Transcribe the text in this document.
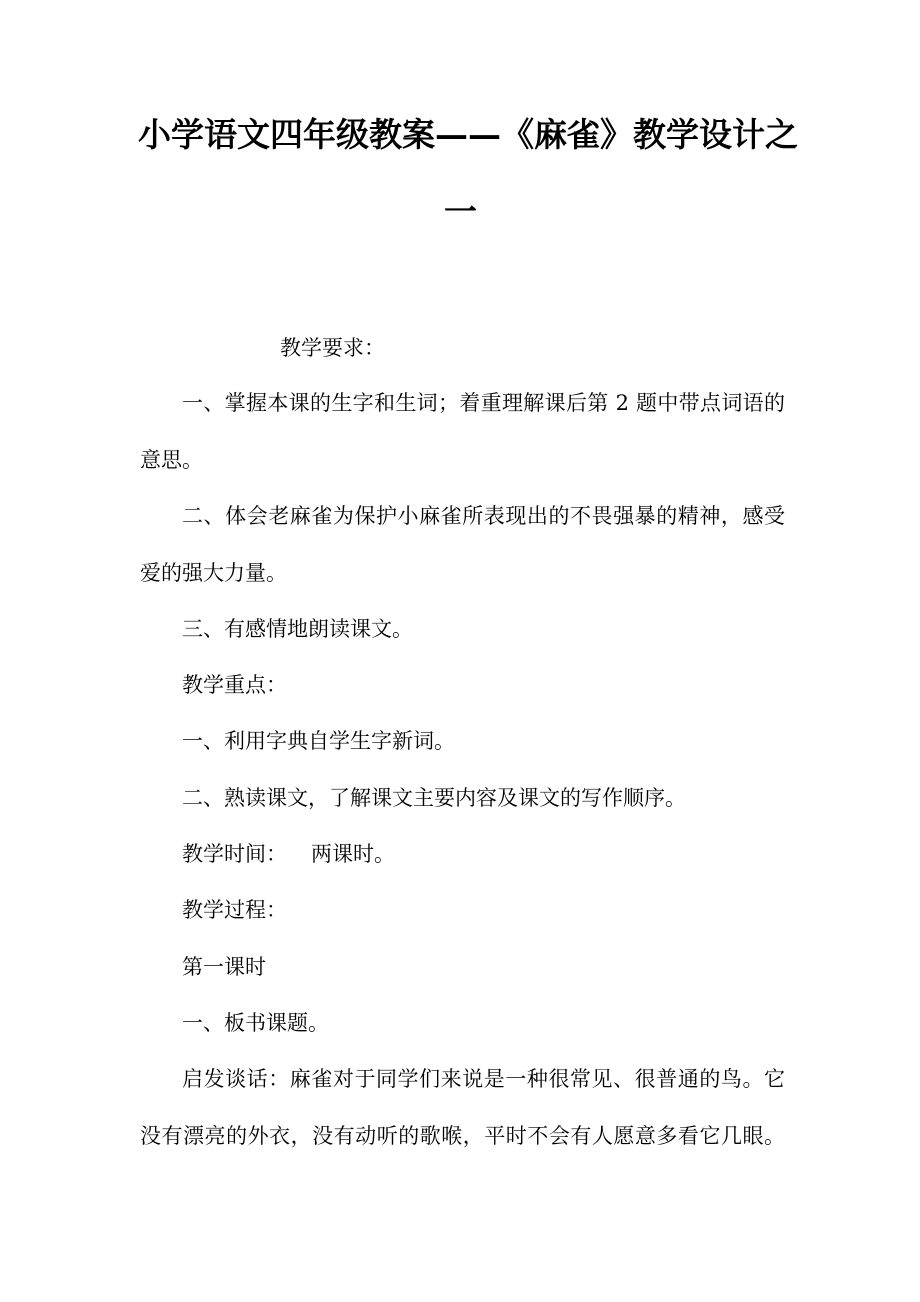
小学语文四年级教案——《麻雀》教学设计之
一

教学要求：

一、掌握本课的生字和生词；着重理解课后第 2 题中带点词语的

意思。

二、体会老麻雀为保护小麻雀所表现出的不畏强暴的精神，感受

爱的强大力量。

三、有感情地朗读课文。

教学重点：

一、利用字典自学生字新词。

二、熟读课文，了解课文主要内容及课文的写作顺序。

教学时间： 两课时。

教学过程：

第一课时

一、板书课题。

启发谈话：麻雀对于同学们来说是一种很常见、很普通的鸟。它

没有漂亮的外衣，没有动听的歌喉，平时不会有人愿意多看它几眼。
